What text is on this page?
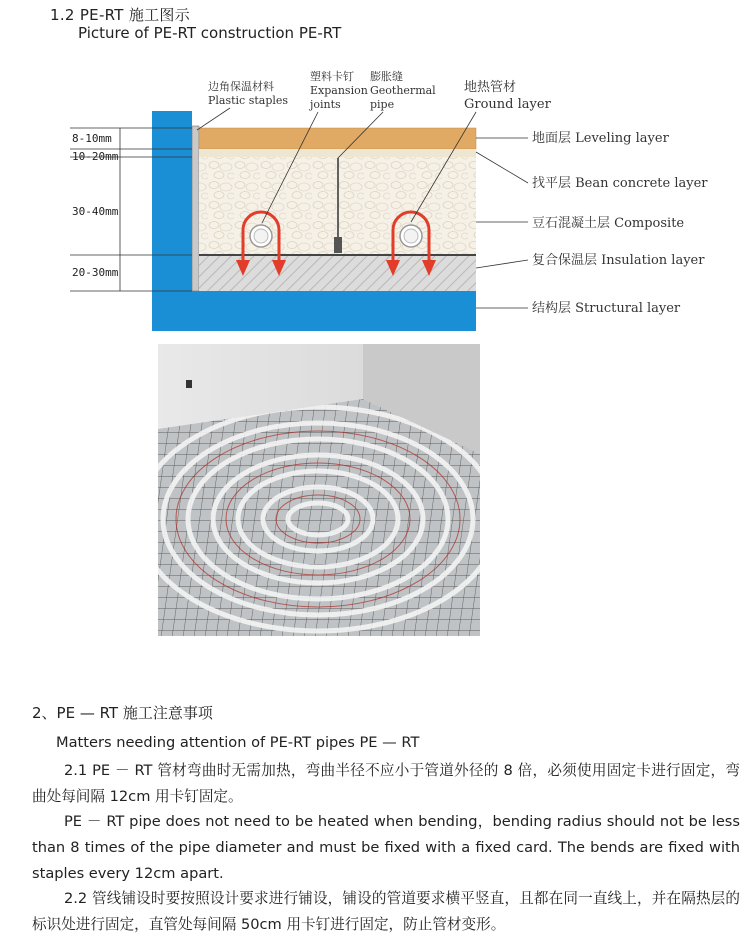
1.2 PE-RT 施工图示
Picture of PE-RT construction PE-RT
8-10mm
10-20mm
30-40mm
20-30mm
边角保温材料
Plastic staples
塑料卡钉
Expansion
joints
膨胀缝
Geothermal
pipe
地热管材
Ground layer
地面层 Leveling layer
找平层 Bean concrete layer
豆石混凝土层 Composite
复合保温层 Insulation layer
结构层 Structural layer
2、PE — RT 施工注意事项
Matters needing attention of PE-RT pipes PE — RT
2.1 PE － RT 管材弯曲时无需加热，弯曲半径不应小于管道外径的 8 倍，必须使用固定卡进行固定，弯曲处每间隔 12cm 用卡钉固定。
PE － RT pipe does not need to be heated when bending，bending radius should not be less than 8 times of the pipe diameter and must be fixed with a fixed card. The bends are fixed with staples every 12cm apart.
2.2 管线铺设时要按照设计要求进行铺设，铺设的管道要求横平竖直，且都在同一直线上，并在隔热层的标识处进行固定，直管处每间隔 50cm 用卡钉进行固定，防止管材变形。
